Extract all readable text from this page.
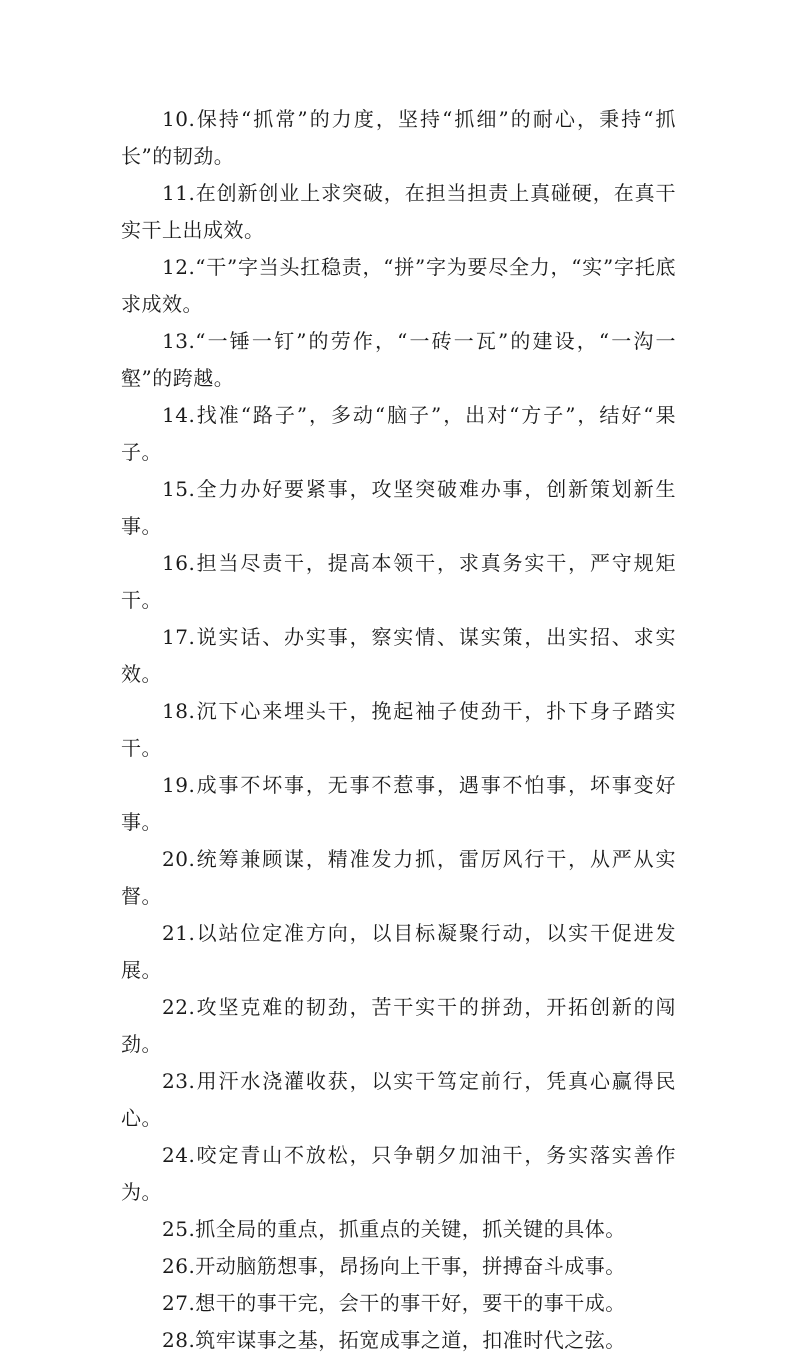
10.保持“抓常”的力度，坚持“抓细”的耐心，秉持“抓长”的韧劲。

11.在创新创业上求突破，在担当担责上真碰硬，在真干实干上出成效。

12.“干”字当头扛稳责，“拼”字为要尽全力，“实”字托底求成效。

13.“一锤一钉”的劳作，“一砖一瓦”的建设，“一沟一壑”的跨越。

14.找准“路子”，多动“脑子”，出对“方子”，结好“果子。

15.全力办好要紧事，攻坚突破难办事，创新策划新生事。

16.担当尽责干，提高本领干，求真务实干，严守规矩干。

17.说实话、办实事，察实情、谋实策，出实招、求实效。

18.沉下心来埋头干，挽起袖子使劲干，扑下身子踏实干。

19.成事不坏事，无事不惹事，遇事不怕事，坏事变好事。

20.统筹兼顾谋，精准发力抓，雷厉风行干，从严从实督。

21.以站位定准方向，以目标凝聚行动，以实干促进发展。

22.攻坚克难的韧劲，苦干实干的拼劲，开拓创新的闯劲。

23.用汗水浇灌收获，以实干笃定前行，凭真心赢得民心。

24.咬定青山不放松，只争朝夕加油干，务实落实善作为。

25.抓全局的重点，抓重点的关键，抓关键的具体。

26.开动脑筋想事，昂扬向上干事，拼搏奋斗成事。

27.想干的事干完，会干的事干好，要干的事干成。

28.筑牢谋事之基，拓宽成事之道，扣准时代之弦。
